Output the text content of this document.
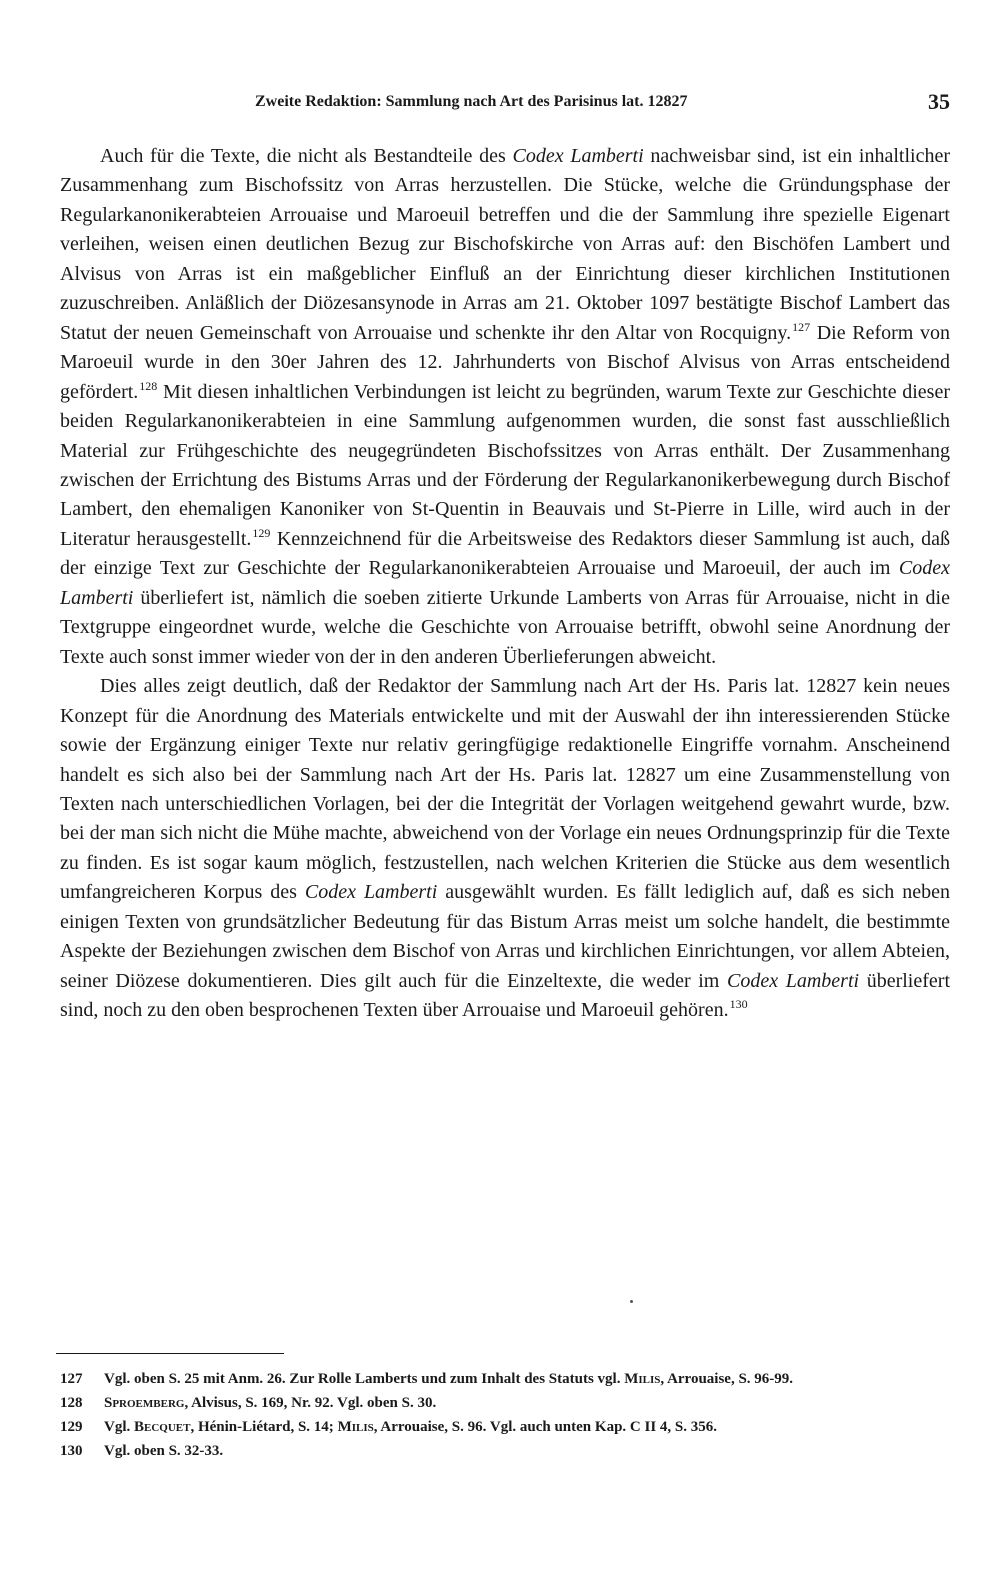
Zweite Redaktion: Sammlung nach Art des Parisinus lat. 12827	35

Auch für die Texte, die nicht als Bestandteile des Codex Lamberti nachweisbar sind, ist ein inhaltlicher Zusammenhang zum Bischofssitz von Arras herzustellen. Die Stücke, welche die Gründungsphase der Regularkanonikerabteien Arrouaise und Maroeuil betreffen und die der Sammlung ihre spezielle Eigenart verleihen, weisen einen deutlichen Bezug zur Bischofskirche von Arras auf: den Bischöfen Lambert und Alvisus von Arras ist ein maßgeblicher Einfluß an der Einrichtung dieser kirchlichen Institutionen zuzuschreiben. Anläßlich der Diözesansynode in Arras am 21. Oktober 1097 bestätigte Bischof Lambert das Statut der neuen Gemeinschaft von Arrouaise und schenkte ihr den Altar von Rocquigny.$^{127}$ Die Reform von Maroeuil wurde in den 30er Jahren des 12. Jahrhunderts von Bischof Alvisus von Arras entscheidend gefördert.$^{128}$ Mit diesen inhaltlichen Verbindungen ist leicht zu begründen, warum Texte zur Geschichte dieser beiden Regularkanonikerabteien in eine Sammlung aufgenommen wurden, die sonst fast ausschließlich Material zur Frühgeschichte des neugegründeten Bischofssitzes von Arras enthält. Der Zusammenhang zwischen der Errichtung des Bistums Arras und der Förderung der Regularkanonikerbewegung durch Bischof Lambert, den ehemaligen Kanoniker von St-Quentin in Beauvais und St-Pierre in Lille, wird auch in der Literatur herausgestellt.$^{129}$ Kennzeichnend für die Arbeitsweise des Redaktors dieser Sammlung ist auch, daß der einzige Text zur Geschichte der Regularkanonikerabteien Arrouaise und Maroeuil, der auch im Codex Lamberti überliefert ist, nämlich die soeben zitierte Urkunde Lamberts von Arras für Arrouaise, nicht in die Textgruppe eingeordnet wurde, welche die Geschichte von Arrouaise betrifft, obwohl seine Anordnung der Texte auch sonst immer wieder von der in den anderen Überlieferungen abweicht.

Dies alles zeigt deutlich, daß der Redaktor der Sammlung nach Art der Hs. Paris lat. 12827 kein neues Konzept für die Anordnung des Materials entwickelte und mit der Auswahl der ihn interessierenden Stücke sowie der Ergänzung einiger Texte nur relativ geringfügige redaktionelle Eingriffe vornahm. Anscheinend handelt es sich also bei der Sammlung nach Art der Hs. Paris lat. 12827 um eine Zusammenstellung von Texten nach unterschiedlichen Vorlagen, bei der die Integrität der Vorlagen weitgehend gewahrt wurde, bzw. bei der man sich nicht die Mühe machte, abweichend von der Vorlage ein neues Ordnungsprinzip für die Texte zu finden. Es ist sogar kaum möglich, festzustellen, nach welchen Kriterien die Stücke aus dem wesentlich umfangreicheren Korpus des Codex Lamberti ausgewählt wurden. Es fällt lediglich auf, daß es sich neben einigen Texten von grundsätzlicher Bedeutung für das Bistum Arras meist um solche handelt, die bestimmte Aspekte der Beziehungen zwischen dem Bischof von Arras und kirchlichen Einrichtungen, vor allem Abteien, seiner Diözese dokumentieren. Dies gilt auch für die Einzeltexte, die weder im Codex Lamberti überliefert sind, noch zu den oben besprochenen Texten über Arrouaise und Maroeuil gehören.$^{130}$

127	Vgl. oben S. 25 mit Anm. 26. Zur Rolle Lamberts und zum Inhalt des Statuts vgl. Milis, Arrouaise, S. 96-99.
128	Sproemberg, Alvisus, S. 169, Nr. 92. Vgl. oben S. 30.
129	Vgl. Becquet, Hénin-Liétard, S. 14; Milis, Arrouaise, S. 96. Vgl. auch unten Kap. C II 4, S. 356.
130	Vgl. oben S. 32-33.
